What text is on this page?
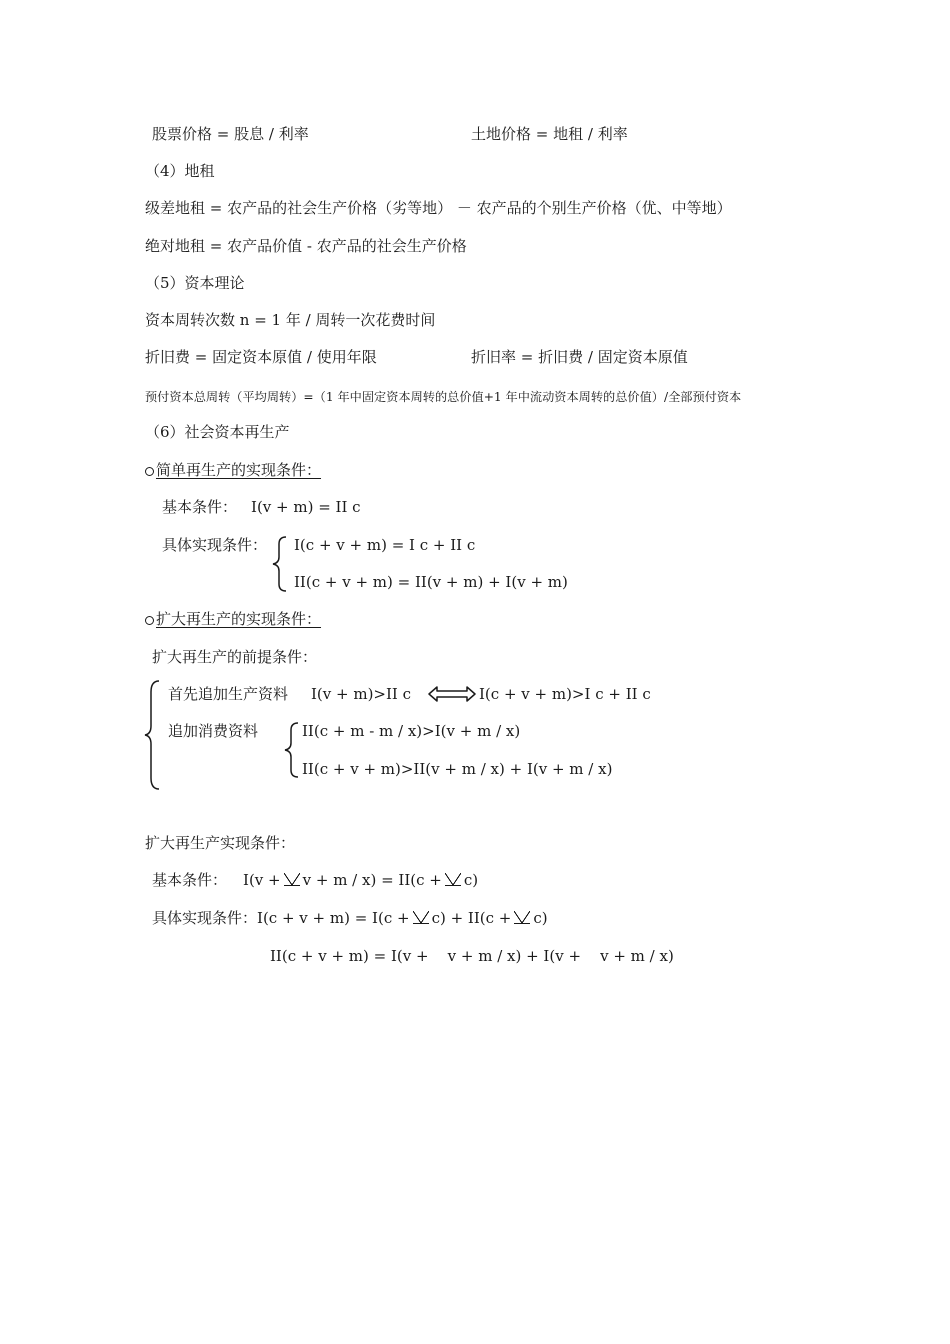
股票价格 = 股息 / 利率	土地价格 = 地租 / 利率
（4）地租
级差地租 = 农产品的社会生产价格（劣等地） － 农产品的个别生产价格（优、中等地）
绝对地租 = 农产品价值 - 农产品的社会生产价格
（5）资本理论
资本周转次数 n = 1 年 / 周转一次花费时间
折旧费 = 固定资本原值 / 使用年限	折旧率 = 折旧费 / 固定资本原值
预付资本总周转（平均周转）=（1 年中固定资本周转的总价值+1 年中流动资本周转的总价值）/全部预付资本
（6）社会资本再生产
简单再生产的实现条件：
基本条件： I(v + m) = II c
具体实现条件： I(c + v + m) = I c + II c
II(c + v + m) = II(v + m) + I(v + m)
扩大再生产的实现条件：
扩大再生产的前提条件：
首先追加生产资料 I(v + m)>II c	I(c + v + m)>I c + II c
追加消费资料	II(c + m - m / x)>I(v + m / x)
II(c + v + m)>II(v + m / x) + I(v + m / x)
扩大再生产实现条件：
基本条件： I(v + v + m / x) = II(c + c)
具体实现条件：I(c + v + m) = I(c + c) + II(c + c)
II(c + v + m) = I(v +    v + m / x) + I(v +    v + m / x)
